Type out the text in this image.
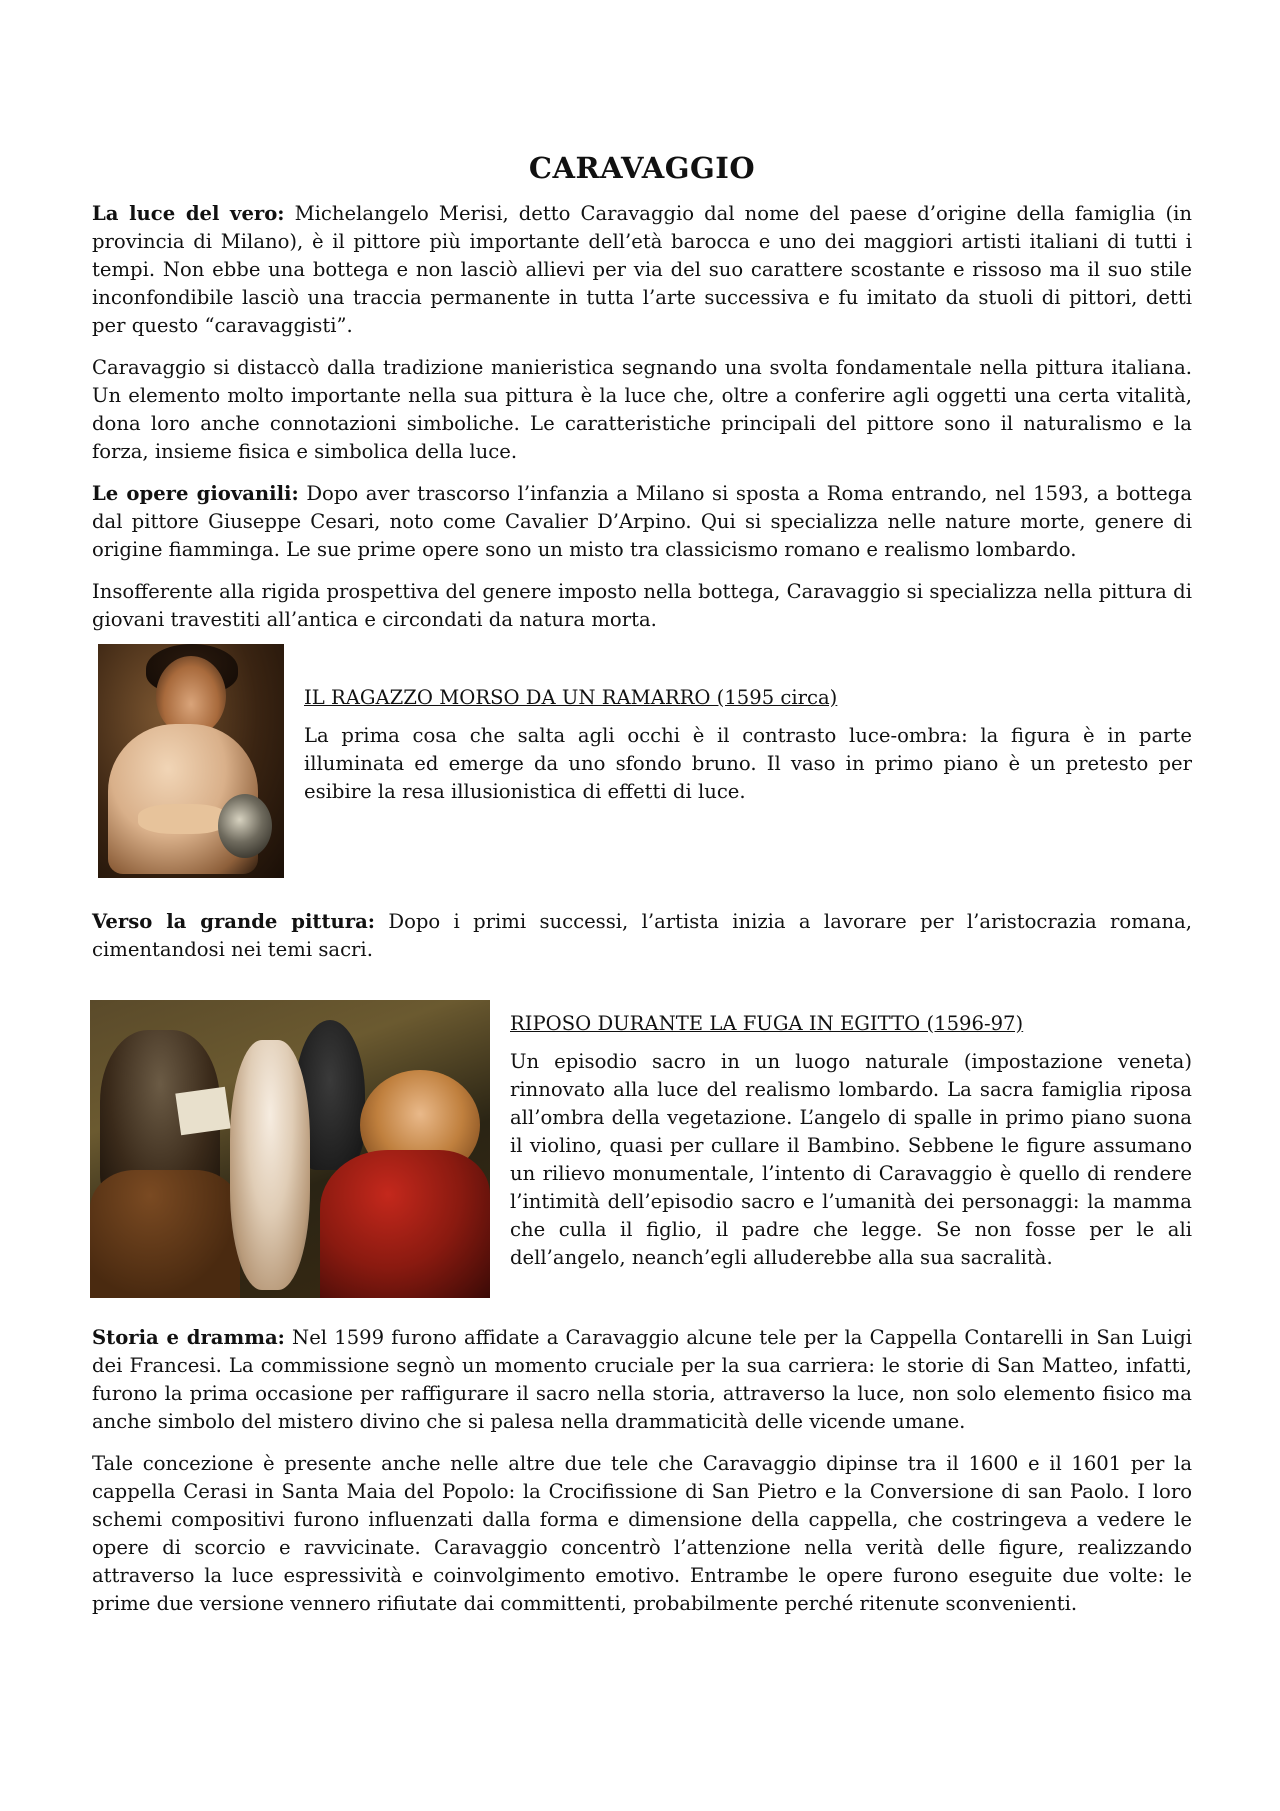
CARAVAGGIO

La luce del vero: Michelangelo Merisi, detto Caravaggio dal nome del paese d’origine della famiglia (in provincia di Milano), è il pittore più importante dell’età barocca e uno dei maggiori artisti italiani di tutti i tempi. Non ebbe una bottega e non lasciò allievi per via del suo carattere scostante e rissoso ma il suo stile inconfondibile lasciò una traccia permanente in tutta l’arte successiva e fu imitato da stuoli di pittori, detti per questo “caravaggisti”.

Caravaggio si distaccò dalla tradizione manieristica segnando una svolta fondamentale nella pittura italiana. Un elemento molto importante nella sua pittura è la luce che, oltre a conferire agli oggetti una certa vitalità, dona loro anche connotazioni simboliche. Le caratteristiche principali del pittore sono il naturalismo e la forza, insieme fisica e simbolica della luce.

Le opere giovanili: Dopo aver trascorso l’infanzia a Milano si sposta a Roma entrando, nel 1593, a bottega dal pittore Giuseppe Cesari, noto come Cavalier D’Arpino. Qui si specializza nelle nature morte, genere di origine fiamminga. Le sue prime opere sono un misto tra classicismo romano e realismo lombardo.

Insofferente alla rigida prospettiva del genere imposto nella bottega, Caravaggio si specializza nella pittura di giovani travestiti all’antica e circondati da natura morta.

IL RAGAZZO MORSO DA UN RAMARRO (1595 circa)

La prima cosa che salta agli occhi è il contrasto luce-ombra: la figura è in parte illuminata ed emerge da uno sfondo bruno. Il vaso in primo piano è un pretesto per esibire la resa illusionistica di effetti di luce.

Verso la grande pittura: Dopo i primi successi, l’artista inizia a lavorare per l’aristocrazia romana, cimentandosi nei temi sacri.

RIPOSO DURANTE LA FUGA IN EGITTO (1596-97)

Un episodio sacro in un luogo naturale (impostazione veneta) rinnovato alla luce del realismo lombardo. La sacra famiglia riposa all’ombra della vegetazione. L’angelo di spalle in primo piano suona il violino, quasi per cullare il Bambino. Sebbene le figure assumano un rilievo monumentale, l’intento di Caravaggio è quello di rendere l’intimità dell’episodio sacro e l’umanità dei personaggi: la mamma che culla il figlio, il padre che legge. Se non fosse per le ali dell’angelo, neanch’egli alluderebbe alla sua sacralità.

Storia e dramma: Nel 1599 furono affidate a Caravaggio alcune tele per la Cappella Contarelli in San Luigi dei Francesi. La commissione segnò un momento cruciale per la sua carriera: le storie di San Matteo, infatti, furono la prima occasione per raffigurare il sacro nella storia, attraverso la luce, non solo elemento fisico ma anche simbolo del mistero divino che si palesa nella drammaticità delle vicende umane.

Tale concezione è presente anche nelle altre due tele che Caravaggio dipinse tra il 1600 e il 1601 per la cappella Cerasi in Santa Maia del Popolo: la Crocifissione di San Pietro e la Conversione di san Paolo. I loro schemi compositivi furono influenzati dalla forma e dimensione della cappella, che costringeva a vedere le opere di scorcio e ravvicinate. Caravaggio concentrò l’attenzione nella verità delle figure, realizzando attraverso la luce espressività e coinvolgimento emotivo. Entrambe le opere furono eseguite due volte: le prime due versione vennero rifiutate dai committenti, probabilmente perché ritenute sconvenienti.
